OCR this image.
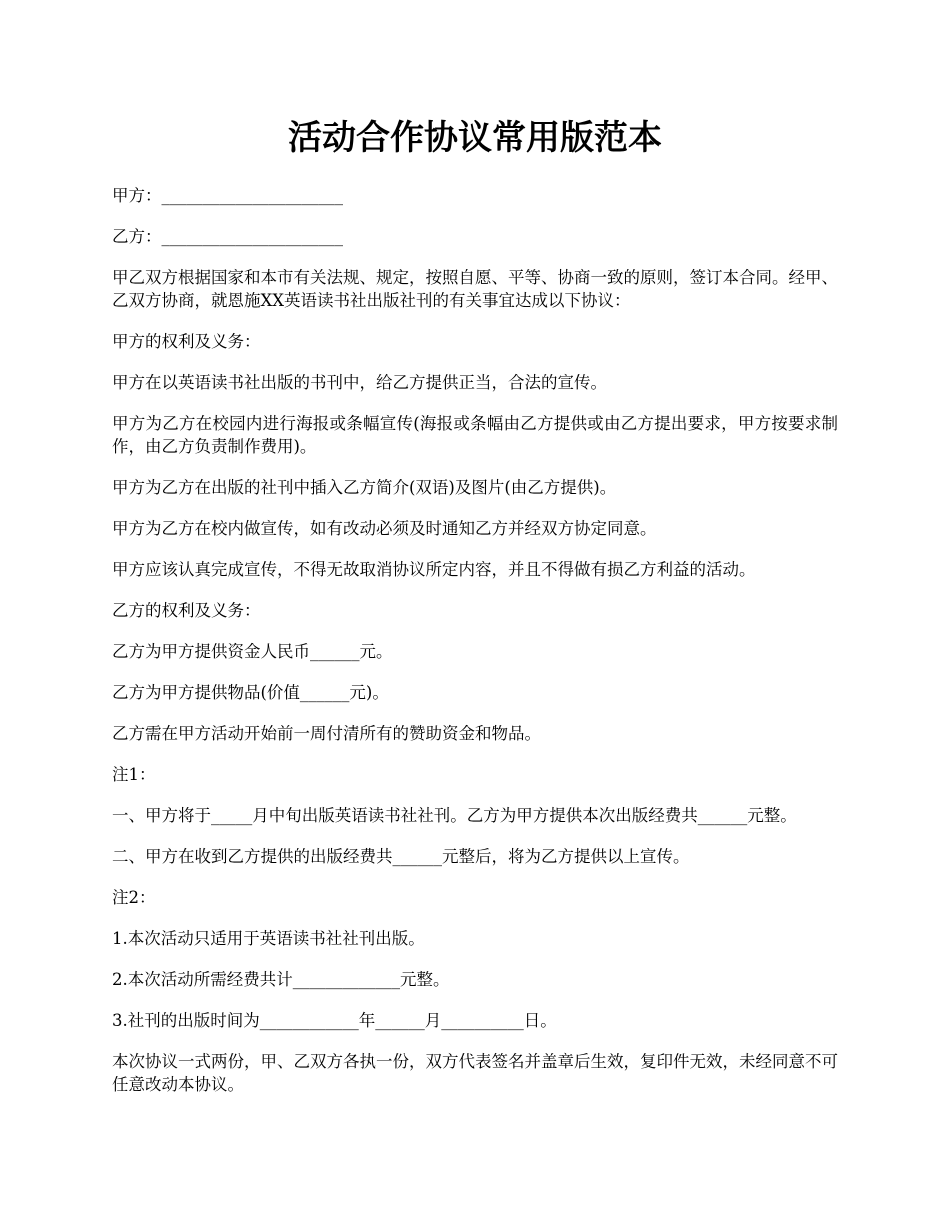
活动合作协议常用版范本

甲方：______________________

乙方：______________________

甲乙双方根据国家和本市有关法规、规定，按照自愿、平等、协商一致的原则，签订本合同。经甲、乙双方协商，就恩施XX英语读书社出版社刊的有关事宜达成以下协议：

甲方的权利及义务：

甲方在以英语读书社出版的书刊中，给乙方提供正当，合法的宣传。

甲方为乙方在校园内进行海报或条幅宣传(海报或条幅由乙方提供或由乙方提出要求，甲方按要求制作，由乙方负责制作费用)。

甲方为乙方在出版的社刊中插入乙方简介(双语)及图片(由乙方提供)。

甲方为乙方在校内做宣传，如有改动必须及时通知乙方并经双方协定同意。

甲方应该认真完成宣传，不得无故取消协议所定内容，并且不得做有损乙方利益的活动。

乙方的权利及义务：

乙方为甲方提供资金人民币______元。

乙方为甲方提供物品(价值______元)。

乙方需在甲方活动开始前一周付清所有的赞助资金和物品。

注1：

一、甲方将于_____月中旬出版英语读书社社刊。乙方为甲方提供本次出版经费共______元整。

二、甲方在收到乙方提供的出版经费共______元整后，将为乙方提供以上宣传。

注2：

1.本次活动只适用于英语读书社社刊出版。

2.本次活动所需经费共计_____________元整。

3.社刊的出版时间为____________年______月__________日。

本次协议一式两份，甲、乙双方各执一份，双方代表签名并盖章后生效，复印件无效，未经同意不可任意改动本协议。
